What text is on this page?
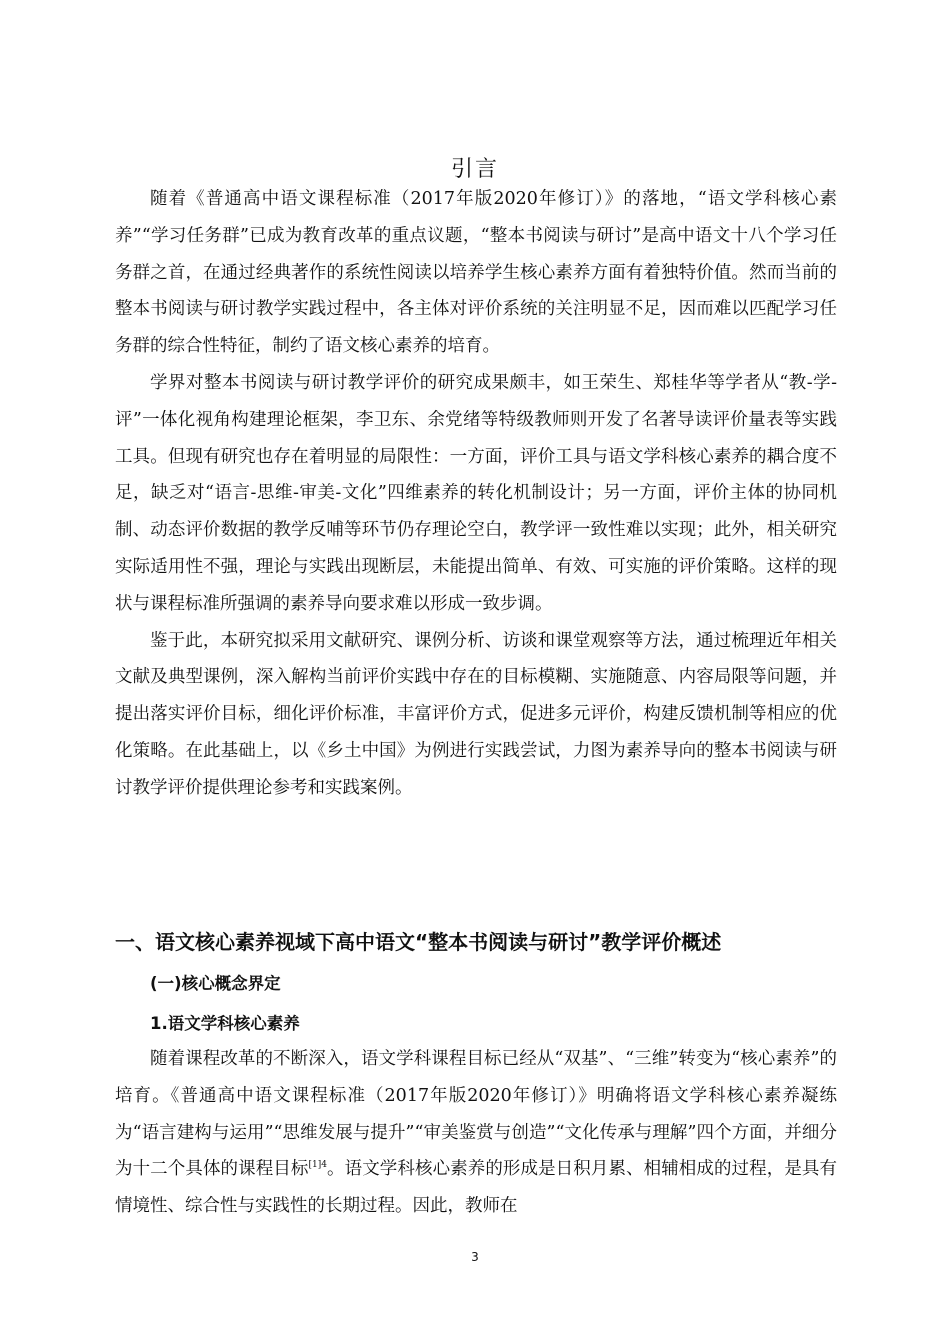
引言

随着《普通高中语文课程标准（2017年版2020年修订）》的落地，“语文学科核心素养”“学习任务群”已成为教育改革的重点议题，“整本书阅读与研讨”是高中语文十八个学习任务群之首，在通过经典著作的系统性阅读以培养学生核心素养方面有着独特价值。然而当前的整本书阅读与研讨教学实践过程中，各主体对评价系统的关注明显不足，因而难以匹配学习任务群的综合性特征，制约了语文核心素养的培育。

学界对整本书阅读与研讨教学评价的研究成果颇丰，如王荣生、郑桂华等学者从“教-学-评”一体化视角构建理论框架，李卫东、余党绪等特级教师则开发了名著导读评价量表等实践工具。但现有研究也存在着明显的局限性：一方面，评价工具与语文学科核心素养的耦合度不足，缺乏对“语言-思维-审美-文化”四维素养的转化机制设计；另一方面，评价主体的协同机制、动态评价数据的教学反哺等环节仍存理论空白，教学评一致性难以实现；此外，相关研究实际适用性不强，理论与实践出现断层，未能提出简单、有效、可实施的评价策略。这样的现状与课程标准所强调的素养导向要求难以形成一致步调。

鉴于此，本研究拟采用文献研究、课例分析、访谈和课堂观察等方法，通过梳理近年相关文献及典型课例，深入解构当前评价实践中存在的目标模糊、实施随意、内容局限等问题，并提出落实评价目标，细化评价标准，丰富评价方式，促进多元评价，构建反馈机制等相应的优化策略。在此基础上，以《乡土中国》为例进行实践尝试，力图为素养导向的整本书阅读与研讨教学评价提供理论参考和实践案例。

一、语文核心素养视域下高中语文“整本书阅读与研讨”教学评价概述
(一)核心概念界定
1.语文学科核心素养

随着课程改革的不断深入，语文学科课程目标已经从“双基”、“三维”转变为“核心素养”的培育。《普通高中语文课程标准（2017年版2020年修订）》明确将语文学科核心素养凝练为“语言建构与运用”“思维发展与提升”“审美鉴赏与创造”“文化传承与理解”四个方面，并细分为十二个具体的课程目标$^{[1]4}$。语文学科核心素养的形成是日积月累、相辅相成的过程，是具有情境性、综合性与实践性的长期过程。因此，教师在

3
